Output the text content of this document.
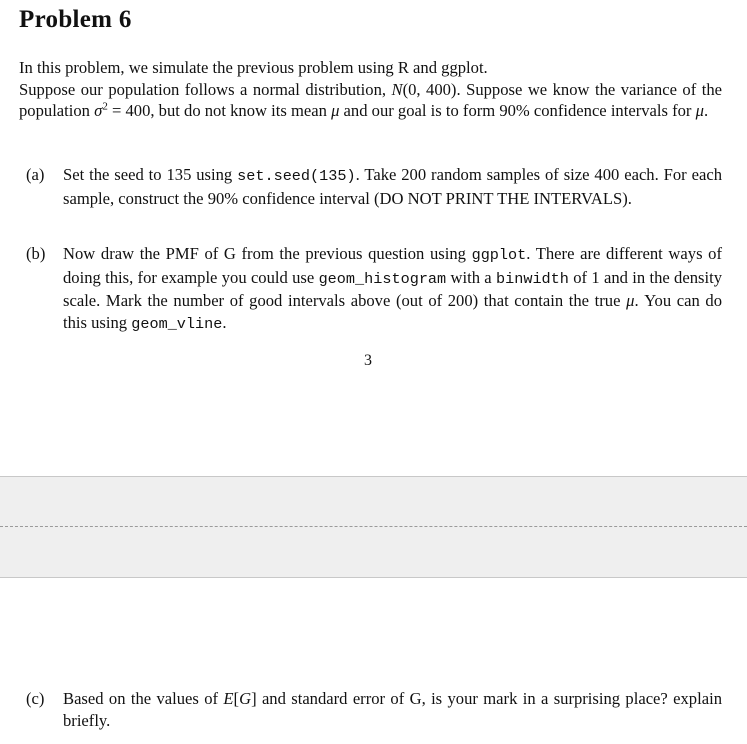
Problem 6
In this problem, we simulate the previous problem using R and ggplot.
Suppose our population follows a normal distribution, N(0, 400). Suppose we know the variance of the population $\sigma^2 = 400$, but do not know its mean μ and our goal is to form 90% confidence intervals for μ.
(a) Set the seed to 135 using set.seed(135). Take 200 random samples of size 400 each. For each sample, construct the 90% confidence interval (DO NOT PRINT THE INTERVALS).
(b) Now draw the PMF of G from the previous question using ggplot. There are different ways of doing this, for example you could use geom_histogram with a binwidth of 1 and in the density scale. Mark the number of good intervals above (out of 200) that contain the true μ. You can do this using geom_vline.
3
(c) Based on the values of E[G] and standard error of G, is your mark in a surprising place? explain briefly.
